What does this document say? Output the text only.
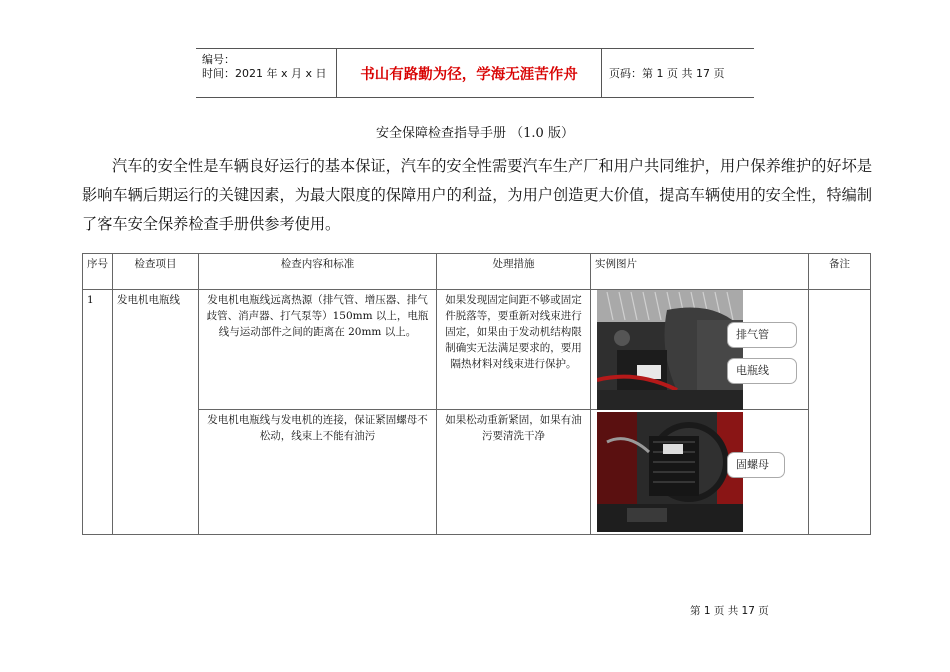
编号：
时间：2021 年 x 月 x 日	书山有路勤为径，学海无涯苦作舟	页码：第 1 页 共 17 页
安全保障检查指导手册 （1.0 版）

汽车的安全性是车辆良好运行的基本保证，汽车的安全性需要汽车生产厂和用户共同维护，用户保养维护的好坏是影响车辆后期运行的关键因素，为最大限度的保障用户的利益，为用户创造更大价值，提高车辆使用的安全性，特编制了客车安全保养检查手册供参考使用。

序号	检查项目	检查内容和标准	处理措施	实例图片	备注
1	发电机电瓶线	发电机电瓶线远离热源（排气管、增压器、排气歧管、消声器、打气泵等）150mm 以上，电瓶线与运动部件之间的距离在 20mm 以上。	如果发现固定间距不够或固定件脱落等，要重新对线束进行固定，如果由于发动机结构限制确实无法满足要求的，要用隔热材料对线束进行保护。	排气管
电瓶线	

		发电机电瓶线与发电机的连接，保证紧固螺母不松动，线束上不能有油污	如果松动重新紧固，如果有油污要清洗干净	固螺母	
第 1 页 共 17 页
